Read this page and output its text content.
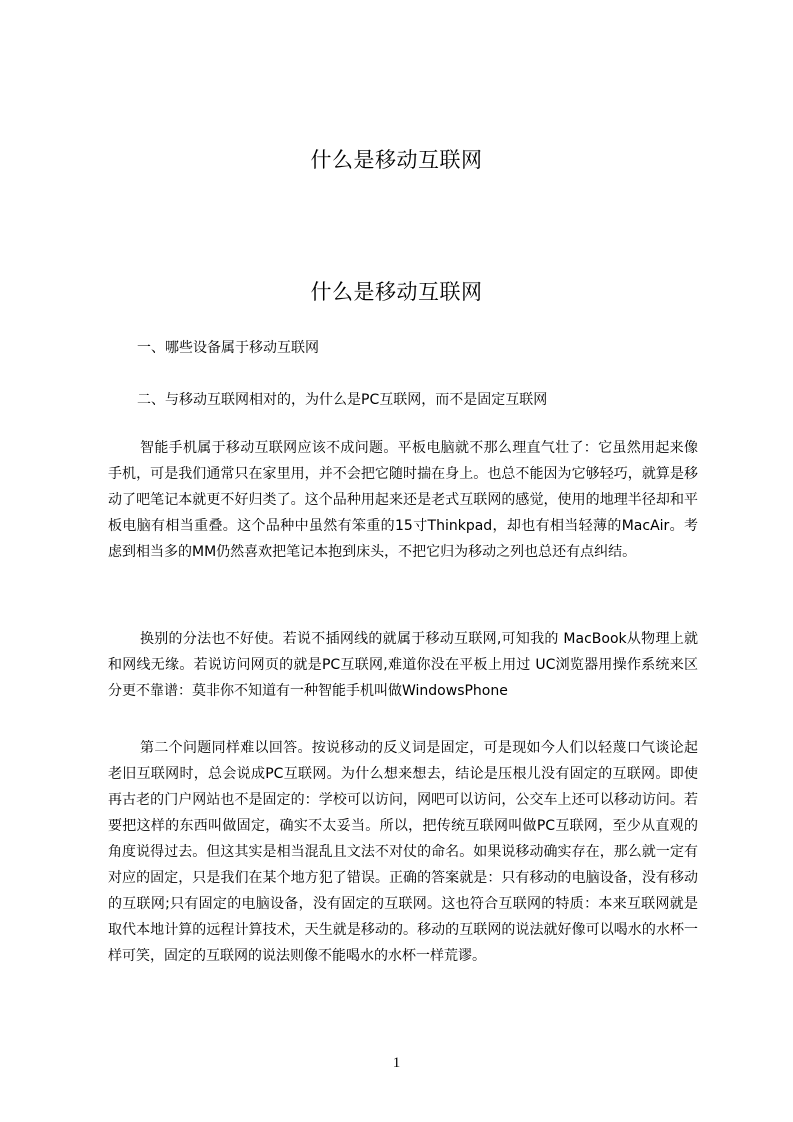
什么是移动互联网
什么是移动互联网
一、哪些设备属于移动互联网
二、与移动互联网相对的，为什么是PC互联网，而不是固定互联网
智能手机属于移动互联网应该不成问题。平板电脑就不那么理直气壮了：它虽然用起来像手机，可是我们通常只在家里用，并不会把它随时揣在身上。也总不能因为它够轻巧，就算是移动了吧笔记本就更不好归类了。这个品种用起来还是老式互联网的感觉，使用的地理半径却和平板电脑有相当重叠。这个品种中虽然有笨重的15寸Thinkpad，却也有相当轻薄的MacAir。考虑到相当多的MM仍然喜欢把笔记本抱到床头，不把它归为移动之列也总还有点纠结。
换别的分法也不好使。若说不插网线的就属于移动互联网,可知我的 MacBook从物理上就和网线无缘。若说访问网页的就是PC互联网,难道你没在平板上用过 UC浏览器用操作系统来区分更不靠谱：莫非你不知道有一种智能手机叫做WindowsPhone
第二个问题同样难以回答。按说移动的反义词是固定，可是现如今人们以轻蔑口气谈论起老旧互联网时，总会说成PC互联网。为什么想来想去，结论是压根儿没有固定的互联网。即使再古老的门户网站也不是固定的：学校可以访问，网吧可以访问，公交车上还可以移动访问。若要把这样的东西叫做固定，确实不太妥当。所以，把传统互联网叫做PC互联网，至少从直观的角度说得过去。但这其实是相当混乱且文法不对仗的命名。如果说移动确实存在，那么就一定有对应的固定，只是我们在某个地方犯了错误。正确的答案就是：只有移动的电脑设备，没有移动的互联网;只有固定的电脑设备，没有固定的互联网。这也符合互联网的特质：本来互联网就是取代本地计算的远程计算技术，天生就是移动的。移动的互联网的说法就好像可以喝水的水杯一样可笑，固定的互联网的说法则像不能喝水的水杯一样荒谬。
1
